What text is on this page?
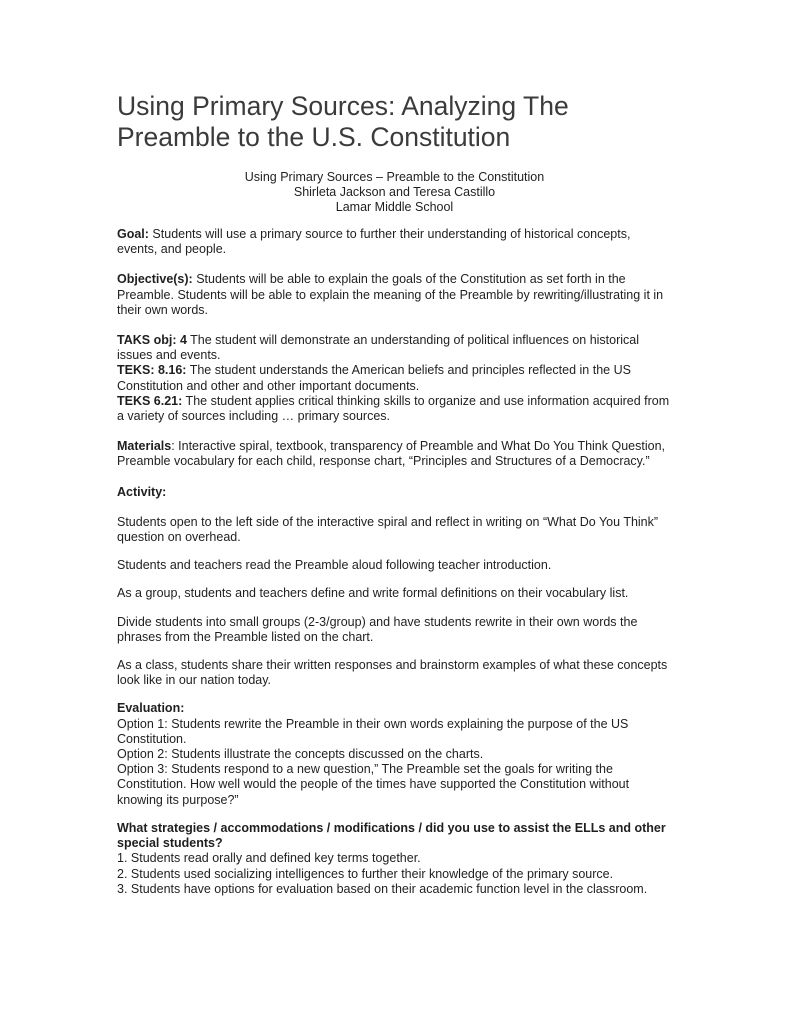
Using Primary Sources: Analyzing The
Preamble to the U.S. Constitution
Using Primary Sources – Preamble to the Constitution
Shirleta Jackson and Teresa Castillo
Lamar Middle School

Goal: Students will use a primary source to further their understanding of historical concepts, events, and people.

Objective(s): Students will be able to explain the goals of the Constitution as set forth in the Preamble. Students will be able to explain the meaning of the Preamble by rewriting/illustrating it in their own words.

TAKS obj: 4 The student will demonstrate an understanding of political influences on historical issues and events.

TEKS: 8.16: The student understands the American beliefs and principles reflected in the US Constitution and other and other important documents.

TEKS 6.21: The student applies critical thinking skills to organize and use information acquired from a variety of sources including … primary sources.

Materials: Interactive spiral, textbook, transparency of Preamble and What Do You Think Question, Preamble vocabulary for each child, response chart, “Principles and Structures of a Democracy.”

Activity:

Students open to the left side of the interactive spiral and reflect in writing on “What Do You Think” question on overhead.

Students and teachers read the Preamble aloud following teacher introduction.

As a group, students and teachers define and write formal definitions on their vocabulary list.

Divide students into small groups (2-3/group) and have students rewrite in their own words the phrases from the Preamble listed on the chart.

As a class, students share their written responses and brainstorm examples of what these concepts look like in our nation today.

Evaluation:

Option 1: Students rewrite the Preamble in their own words explaining the purpose of the US Constitution.

Option 2: Students illustrate the concepts discussed on the charts.

Option 3: Students respond to a new question,” The Preamble set the goals for writing the Constitution. How well would the people of the times have supported the Constitution without knowing its purpose?”

What strategies / accommodations / modifications / did you use to assist the ELLs and other special students?

1. Students read orally and defined key terms together.

2. Students used socializing intelligences to further their knowledge of the primary source.

3. Students have options for evaluation based on their academic function level in the classroom.
